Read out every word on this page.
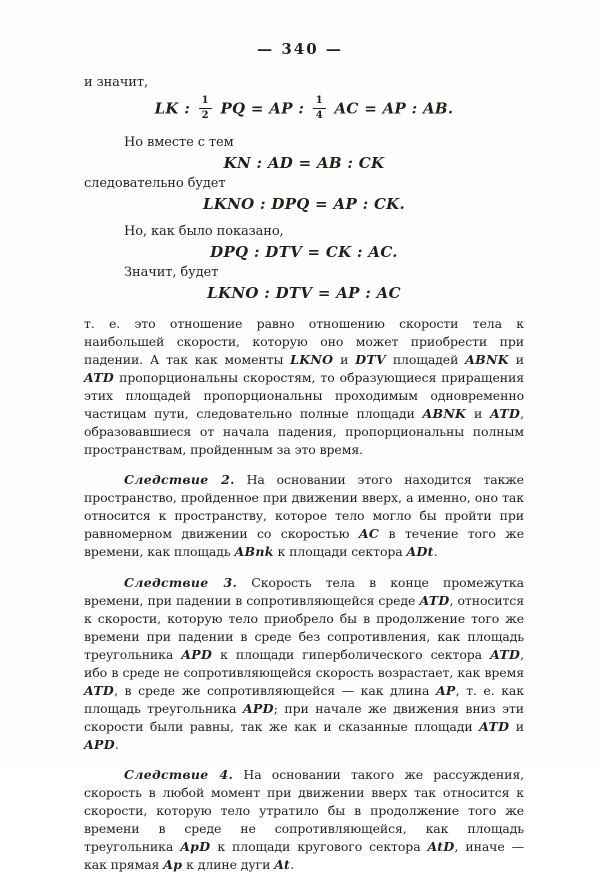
— 340 —
и значит,
LK : $\frac{1}{2}$ PQ = AP : $\frac{1}{4}$ AC = AP : AB.
Но вместе с тем
KN : AD = AB : CK
следовательно будет
LKNO : DPQ = AP : CK.
Но, как было показано,
DPQ : DTV = CK : AC.
Значит, будет
LKNO : DTV = AP : AC

т. е. это отношение равно отношению скорости тела к наибольшей скорости, которую оно может приобрести при падении. А так как моменты LKNO и DTV площадей ABNK и ATD пропорциональны скоростям, то образующиеся приращения этих площадей пропорциональны проходимым одновременно частицам пути, следовательно полные площади ABNK и ATD, образовавшиеся от начала падения, пропорциональны полным пространствам, пройденным за это время.

Следствие 2. На основании этого находится также пространство, пройденное при движении вверх, а именно, оно так относится к пространству, которое тело могло бы пройти при равномерном движении со скоростью AC в течение того же времени, как площадь ABnk к площади сектора ADt.

Следствие 3. Скорость тела в конце промежутка времени, при падении в сопротивляющейся среде ATD, относится к скорости, которую тело приобрело бы в продолжение того же времени при падении в среде без сопротивления, как площадь треугольника APD к площади гиперболического сектора ATD, ибо в среде не сопротивляющейся скорость возрастает, как время ATD, в среде же сопротивляющейся — как длина AP, т. е. как площадь треугольника APD; при начале же движения вниз эти скорости были равны, так же как и сказанные площади ATD и APD.

Следствие 4. На основании такого же рассуждения, скорость в любой момент при движении вверх так относится к скорости, которую тело утратило бы в продолжение того же времени в среде не сопротивляющейся, как площадь треугольника ApD к площади кругового сектора AtD, иначе — как прямая Ap к длине дуги At.
